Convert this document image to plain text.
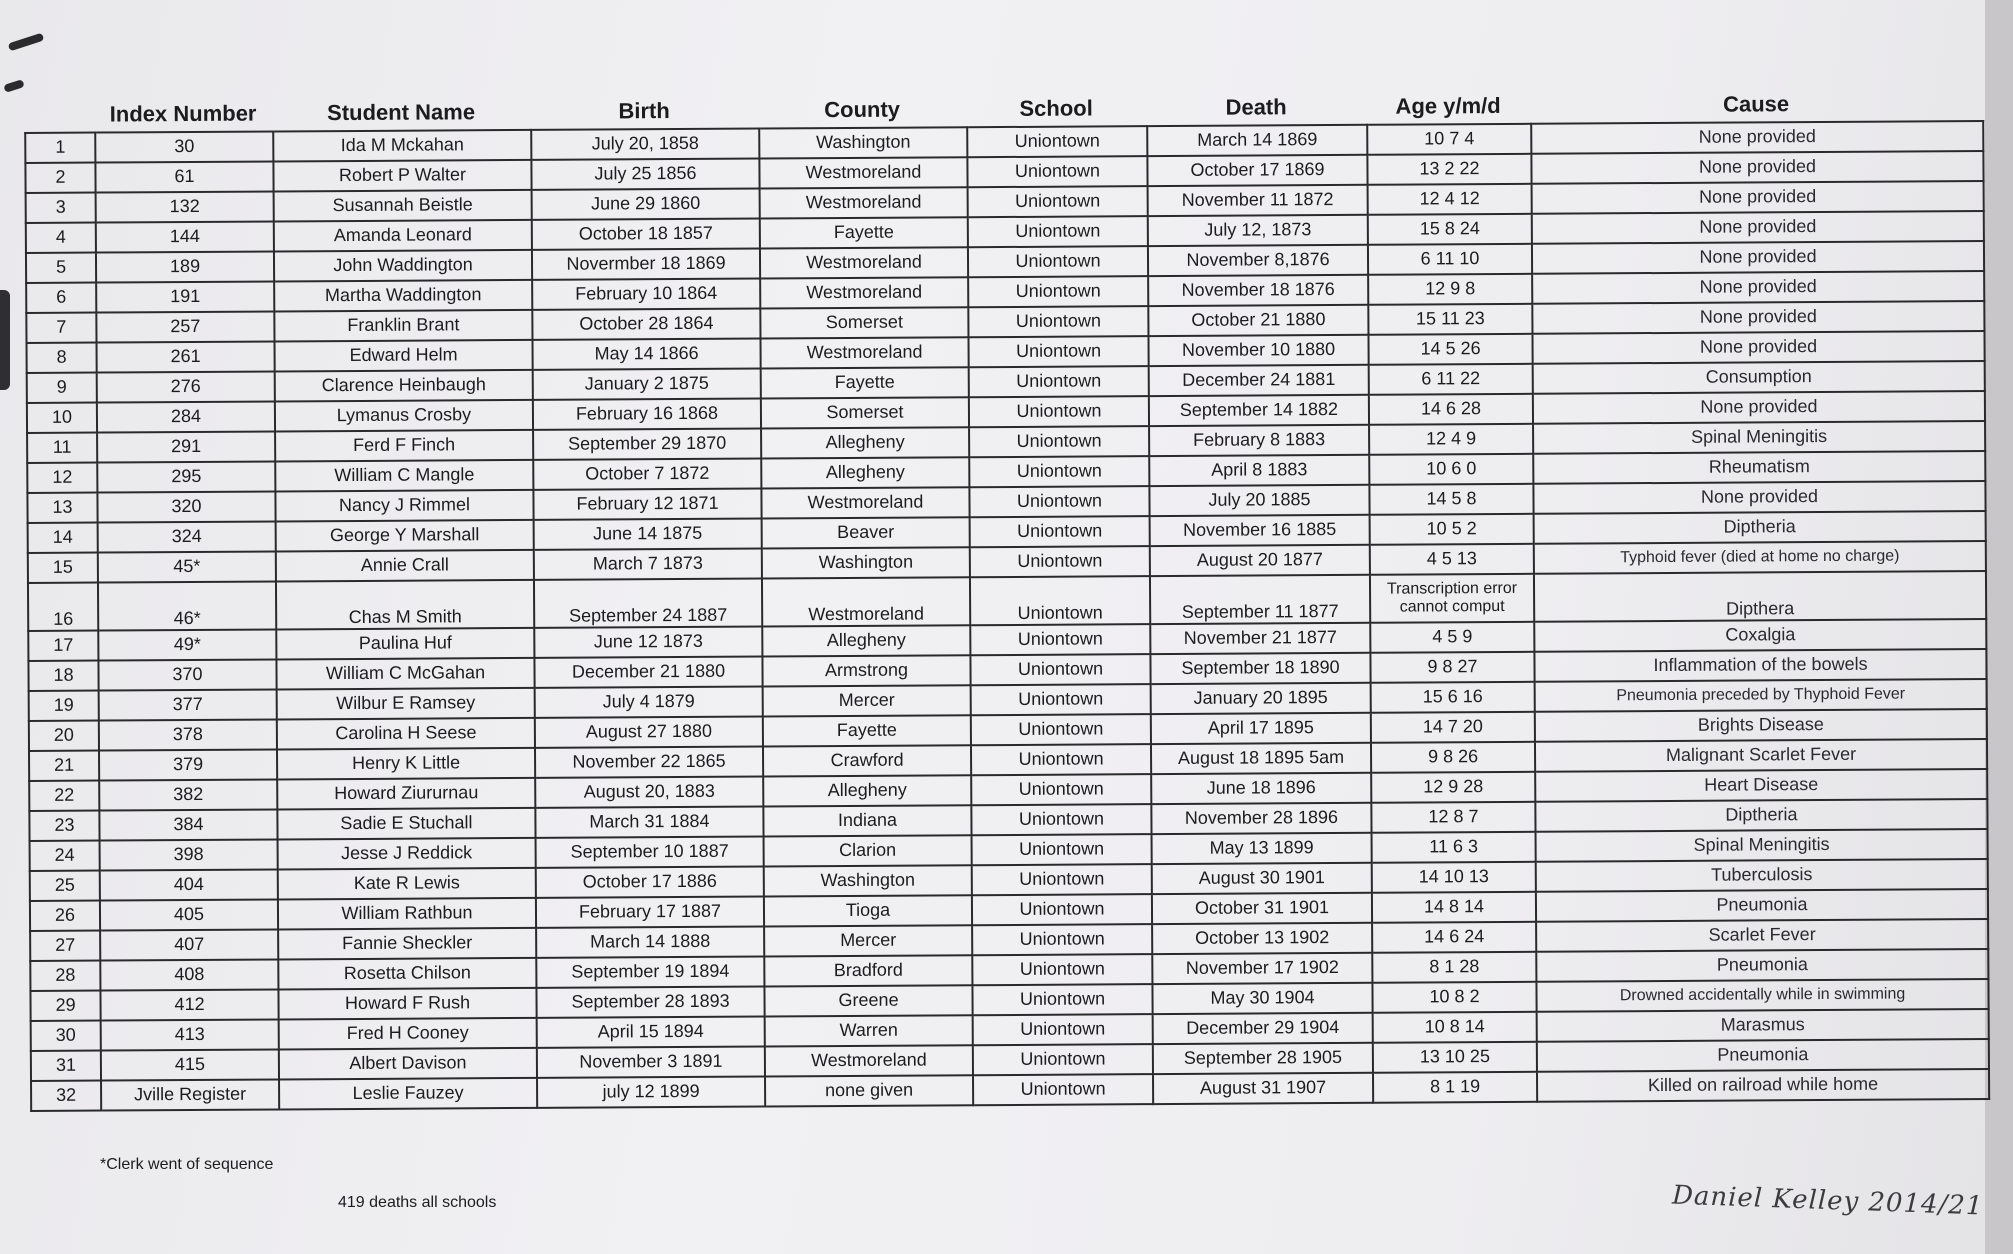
Index Number	Student Name	Birth	County	School	Death	Age y/m/d	Cause
1	30	Ida M Mckahan	July 20, 1858	Washington	Uniontown	March 14 1869	10 7 4	None provided
2	61	Robert P Walter	July 25 1856	Westmoreland	Uniontown	October 17 1869	13 2 22	None provided
3	132	Susannah Beistle	June 29 1860	Westmoreland	Uniontown	November 11 1872	12 4 12	None provided
4	144	Amanda Leonard	October 18 1857	Fayette	Uniontown	July 12, 1873	15 8 24	None provided
5	189	John Waddington	Novermber 18 1869	Westmoreland	Uniontown	November 8,1876	6 11 10	None provided
6	191	Martha Waddington	February 10 1864	Westmoreland	Uniontown	November 18 1876	12 9 8	None provided
7	257	Franklin Brant	October 28 1864	Somerset	Uniontown	October 21 1880	15 11 23	None provided
8	261	Edward Helm	May 14 1866	Westmoreland	Uniontown	November 10 1880	14 5 26	None provided
9	276	Clarence Heinbaugh	January 2 1875	Fayette	Uniontown	December 24 1881	6 11 22	Consumption
10	284	Lymanus Crosby	February 16 1868	Somerset	Uniontown	September 14 1882	14 6 28	None provided
11	291	Ferd F Finch	September 29 1870	Allegheny	Uniontown	February 8 1883	12 4 9	Spinal Meningitis
12	295	William C Mangle	October 7 1872	Allegheny	Uniontown	April 8 1883	10 6 0	Rheumatism
13	320	Nancy J Rimmel	February 12 1871	Westmoreland	Uniontown	July 20 1885	14 5 8	None provided
14	324	George Y Marshall	June 14 1875	Beaver	Uniontown	November 16 1885	10 5 2	Diptheria
15	45*	Annie Crall	March 7 1873	Washington	Uniontown	August 20 1877	4 5 13	Typhoid fever (died at home no charge)
16	46*	Chas M Smith	September 24 1887	Westmoreland	Uniontown	September 11 1877	Transcription error cannot comput	Dipthera
17	49*	Paulina Huf	June 12 1873	Allegheny	Uniontown	November 21 1877	4 5 9	Coxalgia
18	370	William C McGahan	December 21 1880	Armstrong	Uniontown	September 18 1890	9 8 27	Inflammation of the bowels
19	377	Wilbur E Ramsey	July 4 1879	Mercer	Uniontown	January 20 1895	15 6 16	Pneumonia preceded by Thyphoid Fever
20	378	Carolina H Seese	August 27 1880	Fayette	Uniontown	April 17 1895	14 7 20	Brights Disease
21	379	Henry K Little	November 22 1865	Crawford	Uniontown	August 18 1895 5am	9 8 26	Malignant Scarlet Fever
22	382	Howard Ziururnau	August 20, 1883	Allegheny	Uniontown	June 18 1896	12 9 28	Heart Disease
23	384	Sadie E Stuchall	March 31 1884	Indiana	Uniontown	November 28 1896	12 8 7	Diptheria
24	398	Jesse J Reddick	September 10 1887	Clarion	Uniontown	May 13 1899	11 6 3	Spinal Meningitis
25	404	Kate R Lewis	October 17 1886	Washington	Uniontown	August 30 1901	14 10 13	Tuberculosis
26	405	William Rathbun	February 17 1887	Tioga	Uniontown	October 31 1901	14 8 14	Pneumonia
27	407	Fannie Sheckler	March 14 1888	Mercer	Uniontown	October 13 1902	14 6 24	Scarlet Fever
28	408	Rosetta Chilson	September 19 1894	Bradford	Uniontown	November 17 1902	8 1 28	Pneumonia
29	412	Howard F Rush	September 28 1893	Greene	Uniontown	May 30 1904	10 8 2	Drowned accidentally while in swimming
30	413	Fred H Cooney	April 15 1894	Warren	Uniontown	December 29 1904	10 8 14	Marasmus
31	415	Albert Davison	November 3 1891	Westmoreland	Uniontown	September 28 1905	13 10 25	Pneumonia
32	Jville Register	Leslie Fauzey	july 12 1899	none given	Uniontown	August 31 1907	8 1 19	Killed on railroad while home
*Clerk went of sequence
419 deaths all schools	Daniel Kelley 2014/21
